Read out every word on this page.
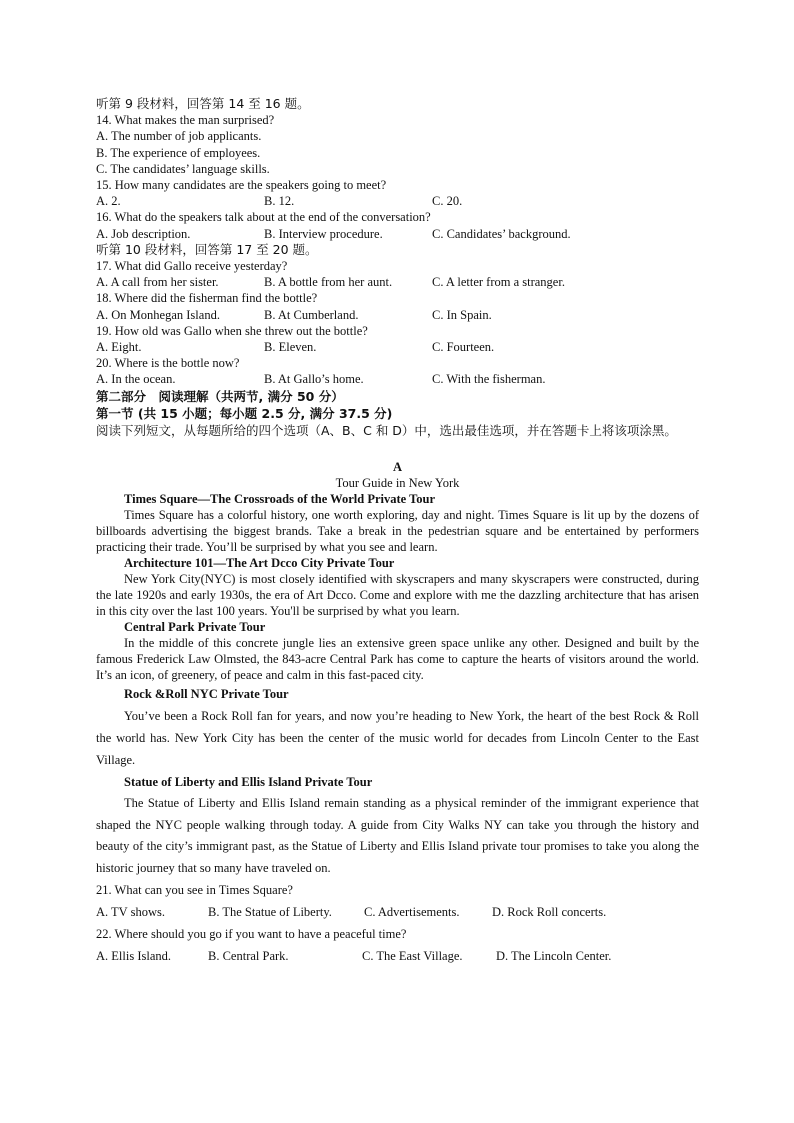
听第 9 段材料，回答第 14 至 16 题。
14. What makes the man surprised?
A. The number of job applicants.
B. The experience of employees.
C. The candidates’ language skills.
15. How many candidates are the speakers going to meet?
A. 2.	B. 12.	C. 20.
16. What do the speakers talk about at the end of the conversation?
A. Job description.	B. Interview procedure.	C. Candidates’ background.
听第 10 段材料，回答第 17 至 20 题。
17. What did Gallo receive yesterday?
A. A call from her sister.	B. A bottle from her aunt.	C. A letter from a stranger.
18. Where did the fisherman find the bottle?
A. On Monhegan Island.	B. At Cumberland.	C. In Spain.
19. How old was Gallo when she threw out the bottle?
A. Eight.	B. Eleven.	C. Fourteen.
20. Where is the bottle now?
A. In the ocean.	B. At Gallo’s home.	C. With the fisherman.
第二部分　阅读理解（共两节, 满分 50 分）
第一节 (共 15 小题；每小题 2.5 分, 满分 37.5 分)
阅读下列短文，从每题所给的四个选项（A、B、C 和 D）中，选出最佳选项，并在答题卡上将该项涂黑。
A
Tour Guide in New York

Times Square—The Crossroads of the World Private Tour

Times Square has a colorful history, one worth exploring, day and night. Times Square is lit up by the dozens of billboards advertising the biggest brands. Take a break in the pedestrian square and be entertained by performers practicing their trade. You’ll be surprised by what you see and learn.

Architecture 101—The Art Dcco City Private Tour

New York City(NYC) is most closely identified with skyscrapers and many skyscrapers were constructed, during the late 1920s and early 1930s, the era of Art Dcco. Come and explore with me the dazzling architecture that has arisen in this city over the last 100 years. You'll be surprised by what you learn.

Central Park Private Tour

In the middle of this concrete jungle lies an extensive green space unlike any other. Designed and built by the famous Frederick Law Olmsted, the 843-acre Central Park has come to capture the hearts of visitors around the world. It’s an icon, of greenery, of peace and calm in this fast-paced city.

Rock &Roll NYC Private Tour

You’ve been a Rock Roll fan for years, and now you’re heading to New York, the heart of the best Rock & Roll the world has. New York City has been the center of the music world for decades from Lincoln Center to the East Village.

Statue of Liberty and Ellis Island Private Tour

The Statue of Liberty and Ellis Island remain standing as a physical reminder of the immigrant experience that shaped the NYC people walking through today. A guide from City Walks NY can take you through the history and beauty of the city’s immigrant past, as the Statue of Liberty and Ellis Island private tour promises to take you along the historic journey that so many have traveled on.

21. What can you see in Times Square?
A. TV shows.	B. The Statue of Liberty.	C. Advertisements.	D. Rock Roll concerts.
22. Where should you go if you want to have a peaceful time?
A. Ellis Island.	B. Central Park.	C. The East Village.	D. The Lincoln Center.
